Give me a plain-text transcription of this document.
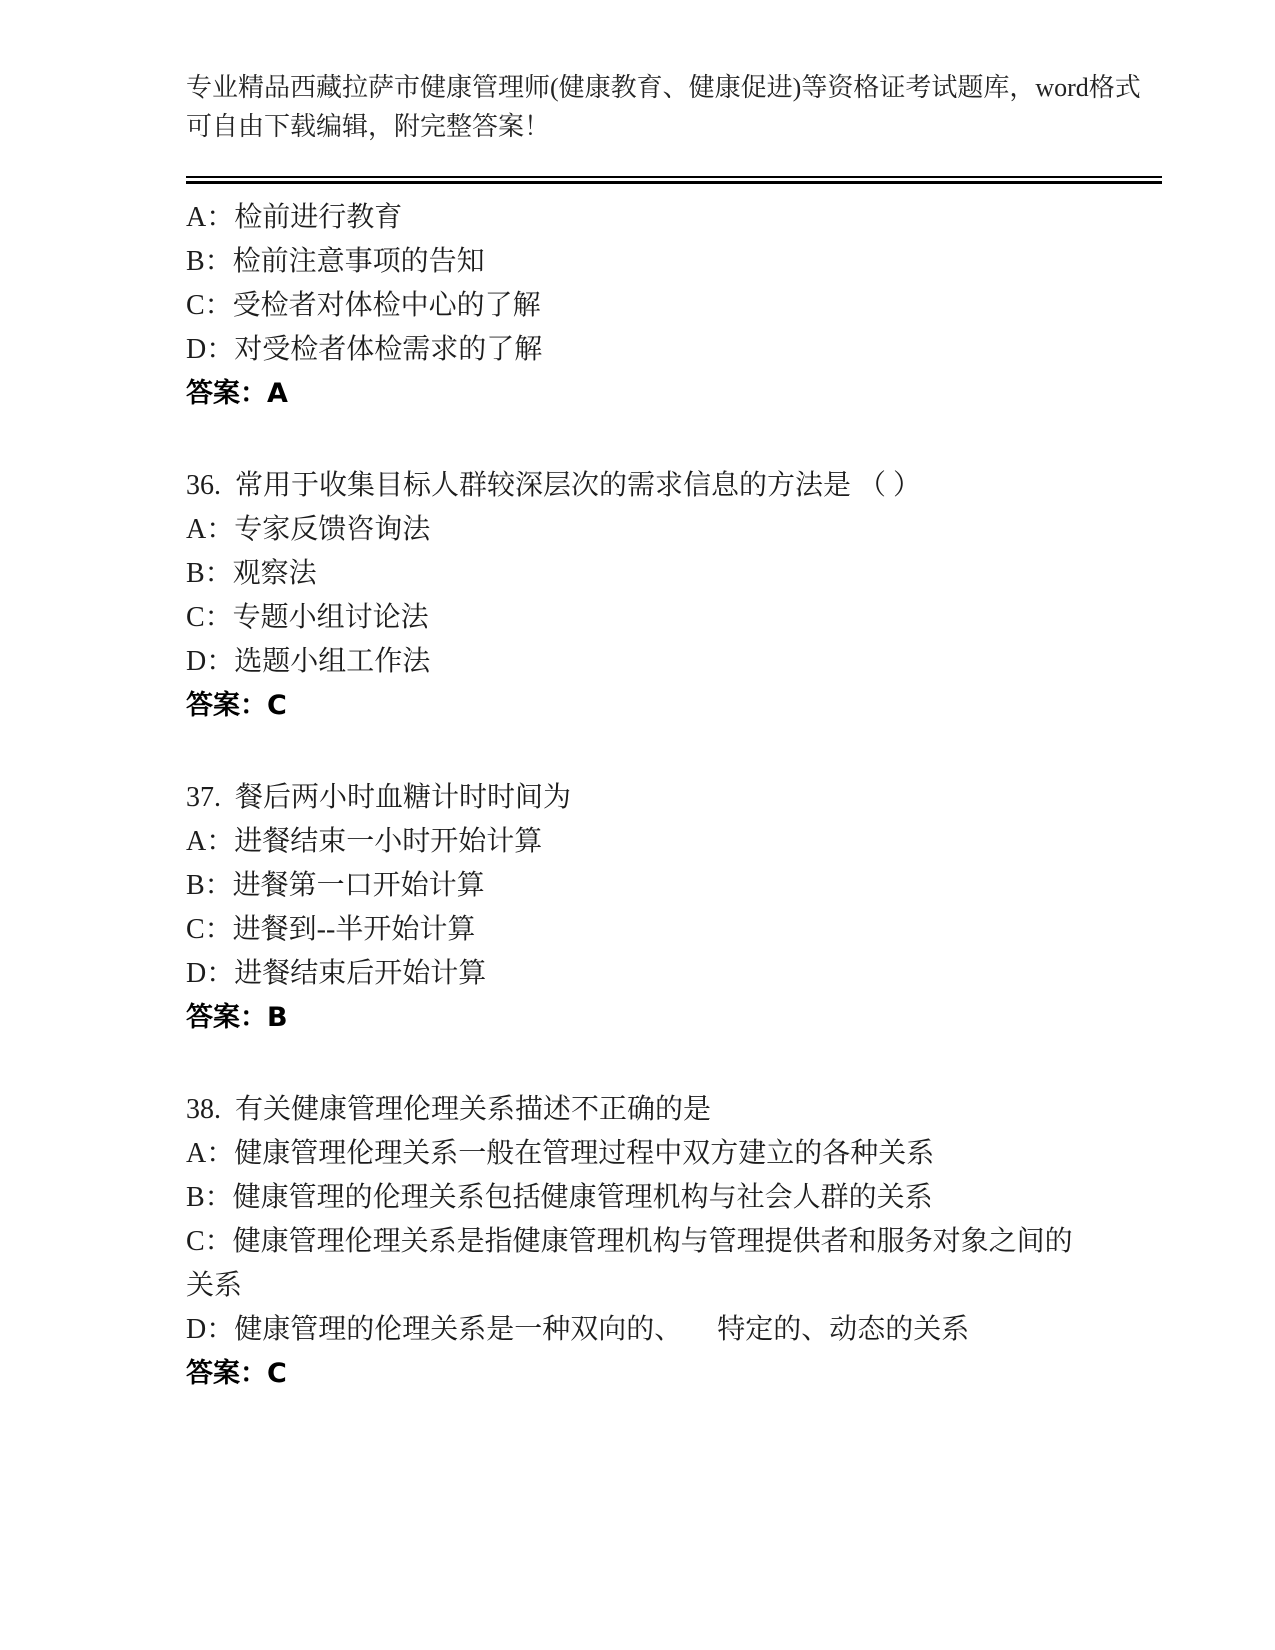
专业精品西藏拉萨市健康管理师(健康教育、健康促进)等资格证考试题库，word格式可自由下载编辑，附完整答案！

A：检前进行教育

B：检前注意事项的告知

C：受检者对体检中心的了解

D：对受检者体检需求的了解

答案：A

36.  常用于收集目标人群较深层次的需求信息的方法是 （ ）

A：专家反馈咨询法

B：观察法

C：专题小组讨论法

D：选题小组工作法

答案：C

37.  餐后两小时血糖计时时间为

A：进餐结束一小时开始计算

B：进餐第一口开始计算

C：进餐到--半开始计算

D：进餐结束后开始计算

答案：B

38.  有关健康管理伦理关系描述不正确的是

A：健康管理伦理关系一般在管理过程中双方建立的各种关系

B：健康管理的伦理关系包括健康管理机构与社会人群的关系

C：健康管理伦理关系是指健康管理机构与管理提供者和服务对象之间的关系

D：健康管理的伦理关系是一种双向的、 　特定的、动态的关系

答案：C
